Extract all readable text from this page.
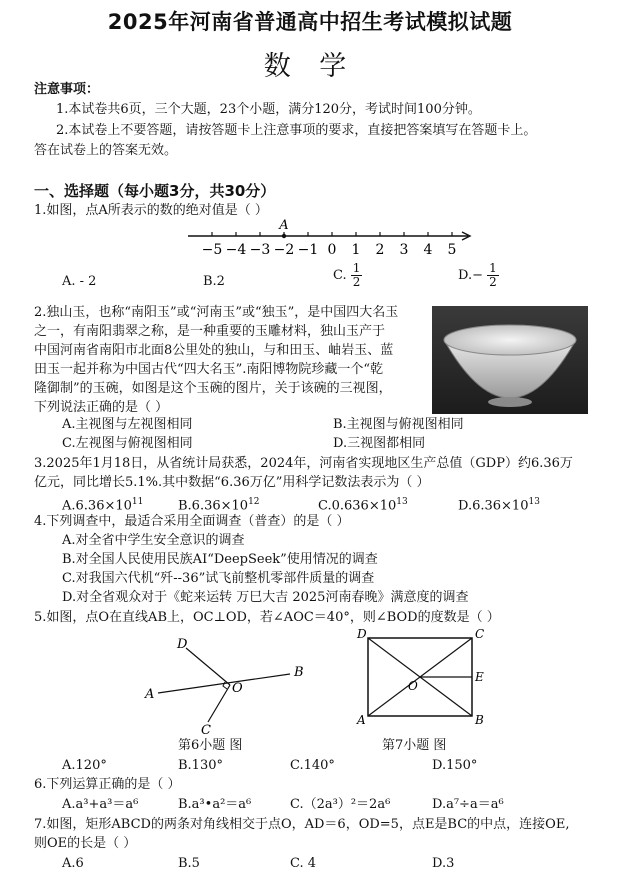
2025年河南省普通高中招生考试模拟试题
数 学
注意事项：
1.本试卷共6页，三个大题，23个小题，满分120分，考试时间100分钟。
2.本试卷上不要答题，请按答题卡上注意事项的要求，直接把答案填写在答题卡上。
答在试卷上的答案无效。
一、选择题（每小题3分，共30分）
1.如图，点A所表示的数的绝对值是（ ）
−5 −4 −3 −2 −1 0 1 2 3 4 5
A
A. - 2	B.2	C. $\frac{1}{2}$	$D.- \frac{1}{2}$
2.独山玉，也称“南阳玉”或“河南玉”或“独玉”，是中国四大名玉
之一，有南阳翡翠之称，是一种重要的玉雕材料，独山玉产于
中国河南省南阳市北面8公里处的独山，与和田玉、岫岩玉、蓝
田玉一起并称为中国古代“四大名玉”.南阳博物院珍藏一个“乾
隆御制”的玉碗，如图是这个玉碗的图片，关于该碗的三视图，
下列说法正确的是（ ）
A.主视图与左视图相同	B.主视图与俯视图相同
C.左视图与俯视图相同	D.三视图都相同
3.2025年1月18日，从省统计局获悉，2024年，河南省实现地区生产总值（GDP）约6.36万
亿元，同比增长5.1%.其中数据“6.36万亿”用科学记数法表示为（ ）
$A.6.36\times 10^{11}$	$B.6.36\times 10^{12}$	$C.0.636\times 10^{13}$	$D.6.36\times 10^{13}$
4.下列调查中，最适合采用全面调查（普查）的是（ ）
A.对全省中学生安全意识的调查
B.对全国人民使用民族AI“DeepSeek”使用情况的调查
C.对我国六代机“歼--36”试飞前整机零部件质量的调查
D.对全省观众对于《蛇来运转 万巳大吉 2025河南春晚》满意度的调查
5.如图，点O在直线AB上，OC⊥OD，若∠AOC＝40°，则∠BOD的度数是（ ）
A
B
D
C
O
第6小题 图
D	C
A	B
E
O
第7小题 图
A.120°	B.130°	C.140°	D.150°
6.下列运算正确的是（ ）
A.a³+a³＝a⁶	B.a³•a²＝a⁶	C.（2a³）²＝2a⁶	D.a⁷÷a＝a⁶
7.如图，矩形ABCD的两条对角线相交于点O，AD＝6，OD=5，点E是BC的中点，连接OE,
则OE的长是（ ）
A.6	B.5	C. 4	D.3
